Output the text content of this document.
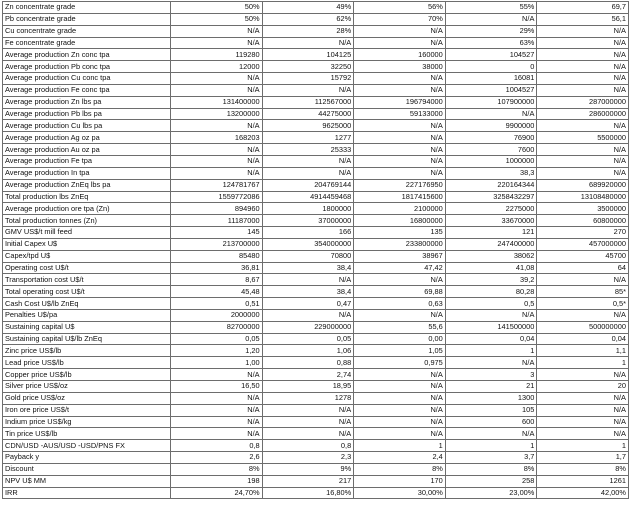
Zn concentrate grade	50%	49%	56%	55%	69,7
Pb concentrate grade	50%	62%	70%	N/A	56,1
Cu concentrate grade	N/A	28%	N/A	29%	N/A
Fe concentrate grade	N/A	N/A	N/A	63%	N/A
Average production Zn conc tpa	119280	104125	160000	104527	N/A
Average production Pb conc tpa	12000	32250	38000	0	N/A
Average production Cu conc tpa	N/A	15792	N/A	16081	N/A
Average production Fe conc tpa	N/A	N/A	N/A	1004527	N/A
Average production Zn lbs pa	131400000	112567000	196794000	107900000	287000000
Average production Pb lbs pa	13200000	44275000	59133000	N/A	286000000
Average production Cu lbs pa	N/A	9625000	N/A	9900000	N/A
Average production Ag oz pa	168203	1277	N/A	76900	5500000
Average production Au oz pa	N/A	25333	N/A	7600	N/A
Average production Fe tpa	N/A	N/A	N/A	1000000	N/A
Average production In tpa	N/A	N/A	N/A	38,3	N/A
Average production ZnEq lbs pa	124781767	204769144	227176950	220164344	689920000
Total production lbs ZnEq	1559772086	4914459468	1817415600	3258432297	13108480000
Average production ore tpa (Zn)	894960	1800000	2100000	2275000	3500000
Total production tonnes (Zn)	11187000	37000000	16800000	33670000	60800000
GMV US$/t mill feed	145	166	135	121	270
Initial Capex U$	213700000	354000000	233800000	247400000	457000000
Capex/tpd U$	85480	70800	38967	38062	45700
Operating cost U$/t	36,81	38,4	47,42	41,08	64
Transportation cost U$/t	8,67	N/A	N/A	39,2	N/A
Total operating cost U$/t	45,48	38,4	69,88	80,28	85*
Cash Cost U$/lb ZnEq	0,51	0,47	0,63	0,5	0,5*
Penalties U$/pa	2000000	N/A	N/A	N/A	N/A
Sustaining capital U$	82700000	229000000	55,6	141500000	500000000
Sustaining capital U$/lb ZnEq	0,05	0,05	0,00	0,04	0,04
Zinc price US$/lb	1,20	1,06	1,05	1	1,1
Lead price US$/lb	1,00	0,88	0,975	N/A	1
Copper price US$/lb	N/A	2,74	N/A	3	N/A
Silver price US$/oz	16,50	18,95	N/A	21	20
Gold price US$/oz	N/A	1278	N/A	1300	N/A
Iron ore price US$/t	N/A	N/A	N/A	105	N/A
Indium price US$/kg	N/A	N/A	N/A	600	N/A
Tin price US$/lb	N/A	N/A	N/A	N/A	N/A
CDN/USD -AUS/USD -USD/PNS FX	0,8	0,8	1	1	1
Payback y	2,6	2,3	2,4	3,7	1,7
Discount	8%	9%	8%	8%	8%
NPV U$ MM	198	217	170	258	1261
IRR	24,70%	16,80%	30,00%	23,00%	42,00%
